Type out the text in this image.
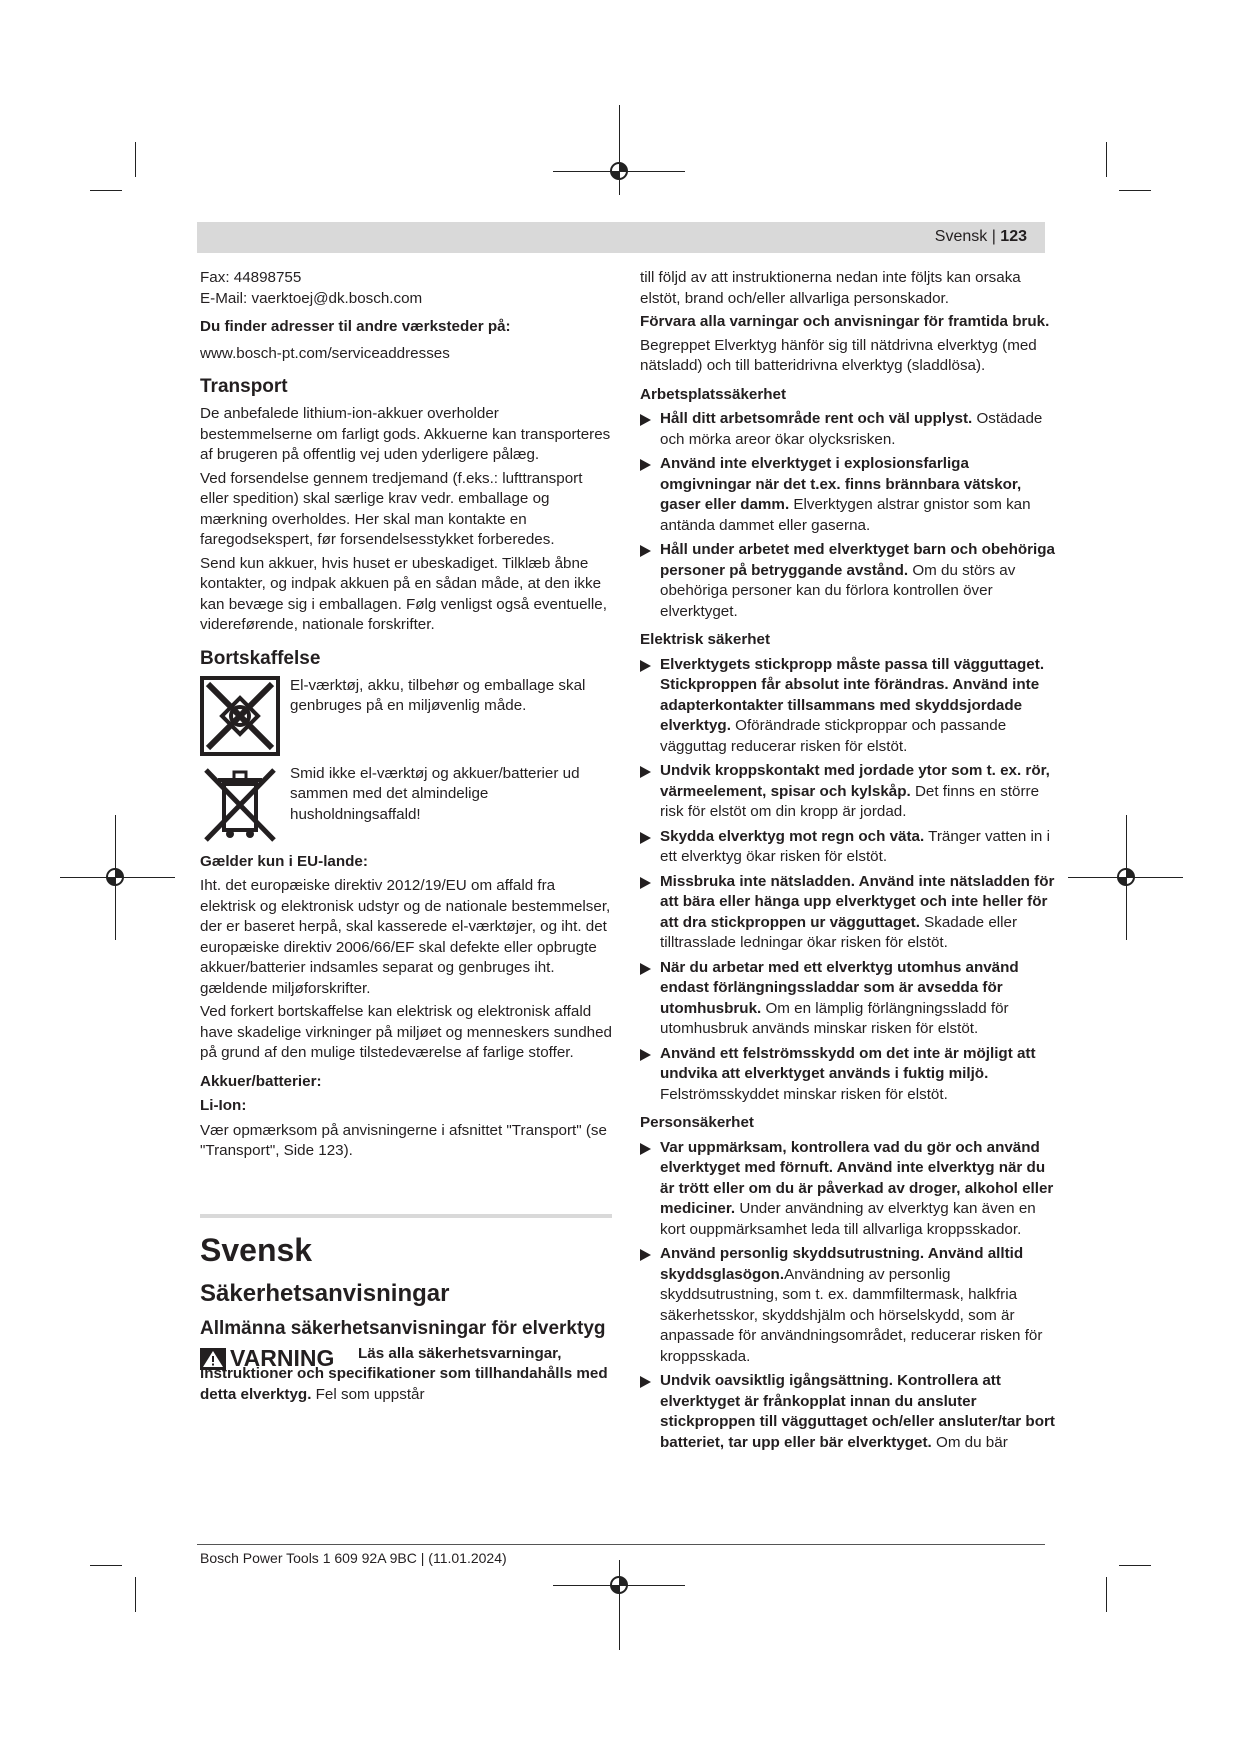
Svensk | 123

Fax: 44898755

E-Mail: vaerktoej@dk.bosch.com

Du finder adresser til andre værksteder på:

www.bosch-pt.com/serviceaddresses

Transport

De anbefalede lithium-ion-akkuer overholder bestemmelserne om farligt gods. Akkuerne kan transporteres af brugeren på offentlig vej uden yderligere pålæg.

Ved forsendelse gennem tredjemand (f.eks.: lufttransport eller spedition) skal særlige krav vedr. emballage og mærkning overholdes. Her skal man kontakte en faregodsekspert, før forsendelsesstykket forberedes.

Send kun akkuer, hvis huset er ubeskadiget. Tilklæb åbne kontakter, og indpak akkuen på en sådan måde, at den ikke kan bevæge sig i emballagen. Følg venligst også eventuelle, videreførende, nationale forskrifter.

Bortskaffelse
El-værktøj, akku, tilbehør og emballage skal genbruges på en miljøvenlig måde.
Smid ikke el-værktøj og akkuer/batterier ud sammen med det almindelige husholdningsaffald!

Gælder kun i EU-lande:

Iht. det europæiske direktiv 2012/19/EU om affald fra elektrisk og elektronisk udstyr og de nationale bestemmelser, der er baseret herpå, skal kasserede el-værktøjer, og iht. det europæiske direktiv 2006/66/EF skal defekte eller opbrugte akkuer/batterier indsamles separat og genbruges iht. gældende miljøforskrifter.

Ved forkert bortskaffelse kan elektrisk og elektronisk affald have skadelige virkninger på miljøet og menneskers sundhed på grund af den mulige tilstedeværelse af farlige stoffer.

Akkuer/batterier:

Li-Ion:

Vær opmærksom på anvisningerne i afsnittet "Transport" (se "Transport", Side 123).

Svensk
Säkerhetsanvisningar
Allmänna säkerhetsanvisningar för elverktyg
VARNING	Läs alla säkerhetsvarningar, instruktioner och specifikationer som tillhandahålls med detta elverktyg. Fel som uppstår

till följd av att instruktionerna nedan inte följts kan orsaka elstöt, brand och/eller allvarliga personskador.

Förvara alla varningar och anvisningar för framtida bruk.

Begreppet Elverktyg hänför sig till nätdrivna elverktyg (med nätsladd) och till batteridrivna elverktyg (sladdlösa).

Arbetsplatssäkerhet

Håll ditt arbetsområde rent och väl upplyst. Ostädade och mörka areor ökar olycksrisken.
Använd inte elverktyget i explosionsfarliga omgivningar när det t.ex. finns brännbara vätskor, gaser eller damm. Elverktygen alstrar gnistor som kan antända dammet eller gaserna.
Håll under arbetet med elverktyget barn och obehöriga personer på betryggande avstånd. Om du störs av obehöriga personer kan du förlora kontrollen över elverktyget.

Elektrisk säkerhet

Elverktygets stickpropp måste passa till vägguttaget. Stickproppen får absolut inte förändras. Använd inte adapterkontakter tillsammans med skyddsjordade elverktyg. Oförändrade stickproppar och passande vägguttag reducerar risken för elstöt.
Undvik kroppskontakt med jordade ytor som t. ex. rör, värmeelement, spisar och kylskåp. Det finns en större risk för elstöt om din kropp är jordad.
Skydda elverktyg mot regn och väta. Tränger vatten in i ett elverktyg ökar risken för elstöt.
Missbruka inte nätsladden. Använd inte nätsladden för att bära eller hänga upp elverktyget och inte heller för att dra stickproppen ur vägguttaget. Skadade eller tilltrasslade ledningar ökar risken för elstöt.
När du arbetar med ett elverktyg utomhus använd endast förlängningssladdar som är avsedda för utomhusbruk. Om en lämplig förlängningssladd för utomhusbruk används minskar risken för elstöt.
Använd ett felströmsskydd om det inte är möjligt att undvika att elverktyget används i fuktig miljö. Felströmsskyddet minskar risken för elstöt.

Personsäkerhet

Var uppmärksam, kontrollera vad du gör och använd elverktyget med förnuft. Använd inte elverktyg när du är trött eller om du är påverkad av droger, alkohol eller mediciner. Under användning av elverktyg kan även en kort ouppmärksamhet leda till allvarliga kroppsskador.
Använd personlig skyddsutrustning. Använd alltid skyddsglasögon.Användning av personlig skyddsutrustning, som t. ex. dammfiltermask, halkfria säkerhetsskor, skyddshjälm och hörselskydd, som är anpassade för användningsområdet, reducerar risken för kroppsskada.
Undvik oavsiktlig igångsättning. Kontrollera att elverktyget är frånkopplat innan du ansluter stickproppen till vägguttaget och/eller ansluter/tar bort batteriet, tar upp eller bär elverktyget. Om du bär
Bosch Power Tools 1 609 92A 9BC | (11.01.2024)
